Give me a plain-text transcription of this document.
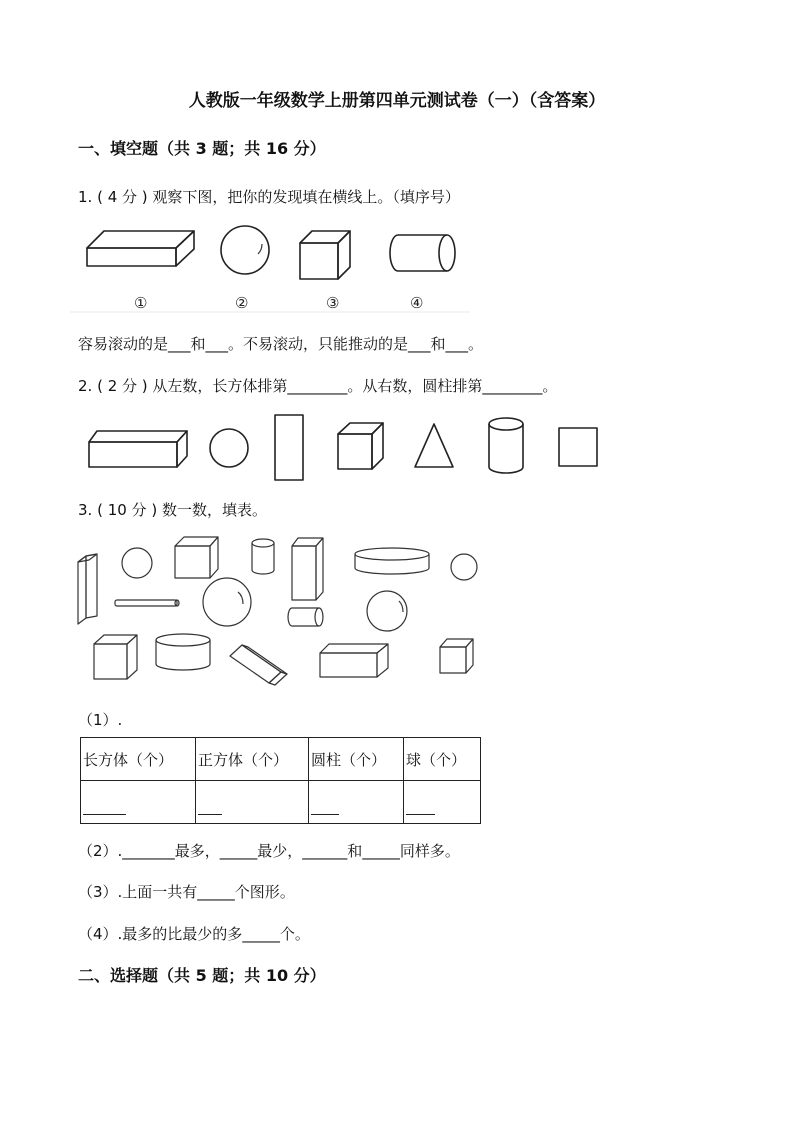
人教版一年级数学上册第四单元测试卷（一）（含答案）
一、填空题（共 3 题；共 16 分）
1. ( 4 分 ) 观察下图，把你的发现填在横线上。（填序号）
①	②	③	④
容易滚动的是___和___。不易滚动，只能推动的是___和___。
2. ( 2 分 ) 从左数，长方体排第________。从右数，圆柱排第________。
3. ( 10 分 ) 数一数，填表。
（1）.
长方体（个）	正方体（个）	圆柱（个）	球（个）

（2）._______最多，_____最少，______和_____同样多。
（3）.上面一共有_____个图形。
（4）.最多的比最少的多_____个。
二、选择题（共 5 题；共 10 分）
